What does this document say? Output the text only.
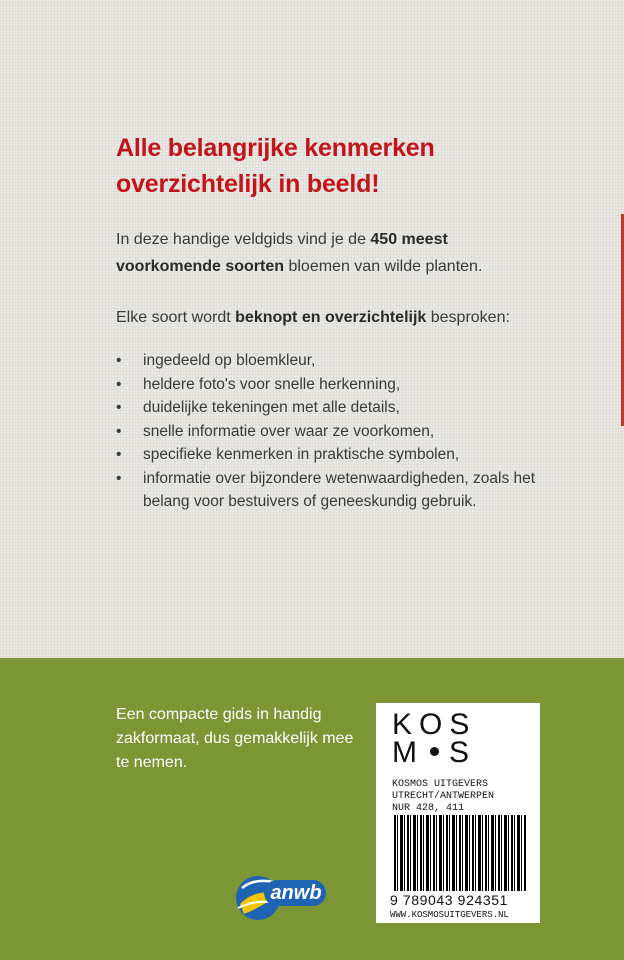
Alle belangrijke kenmerken
overzichtelijk in beeld!

In deze handige veldgids vind je de 450 meest voorkomende soorten bloemen van wilde planten.

Elke soort wordt beknopt en overzichtelijk besproken:

• ingedeeld op bloemkleur,
• heldere foto's voor snelle herkenning,
• duidelijke tekeningen met alle details,
• snelle informatie over waar ze voorkomen,
• specifieke kenmerken in praktische symbolen,
• informatie over bijzondere wetenwaardigheden, zoals het belang voor bestuivers of geneeskundig gebruik.

Een compacte gids in handig zakformaat, dus gemakkelijk mee te nemen.

KOS
M S

KOSMOS UITGEVERS
UTRECHT/ANTWERPEN
NUR 428, 411

9 789043 924351

WWW.KOSMOSUITGEVERS.NL

anwb
